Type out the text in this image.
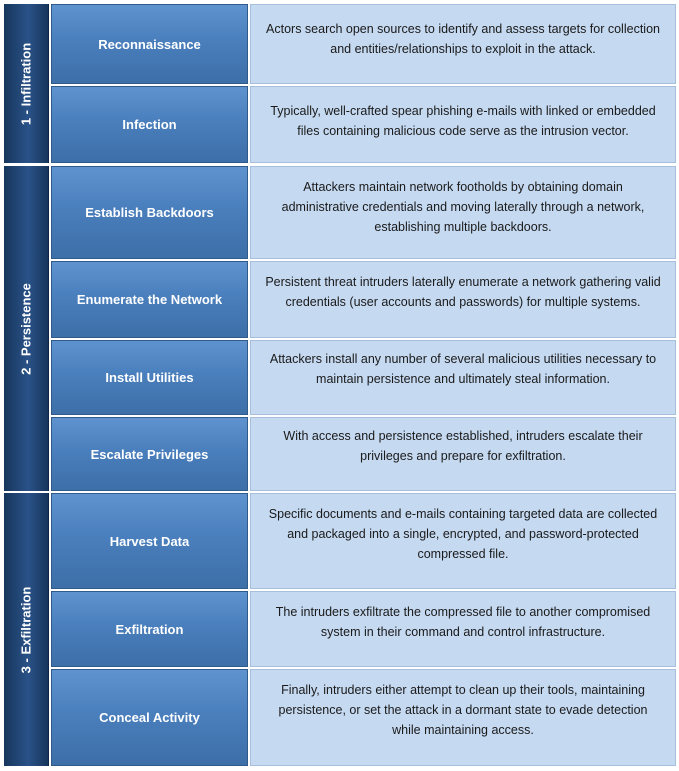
1 - Infiltration
2 - Persistence
3 - Exfiltration
Reconnaissance
Infection
Establish Backdoors
Enumerate the Network
Install Utilities
Escalate Privileges
Harvest Data
Exfiltration
Conceal Activity
Actors search open sources to identify and assess targets for collection and entities/relationships to exploit in the attack.
Typically, well-crafted spear phishing e-mails with linked or embedded files containing malicious code serve as the intrusion vector.
Attackers maintain network footholds by obtaining domain administrative credentials and moving laterally through a network, establishing multiple backdoors.
Persistent threat intruders laterally enumerate a network gathering valid credentials (user accounts and passwords) for multiple systems.
Attackers install any number of several malicious utilities necessary to maintain persistence and ultimately steal information.
With access and persistence established, intruders escalate their privileges and prepare for exfiltration.
Specific documents and e-mails containing targeted data are collected and packaged into a single, encrypted, and password-protected compressed file.
The intruders exfiltrate the compressed file to another compromised system in their command and control infrastructure.
Finally, intruders either attempt to clean up their tools, maintaining persistence, or set the attack in a dormant state to evade detection while maintaining access.
